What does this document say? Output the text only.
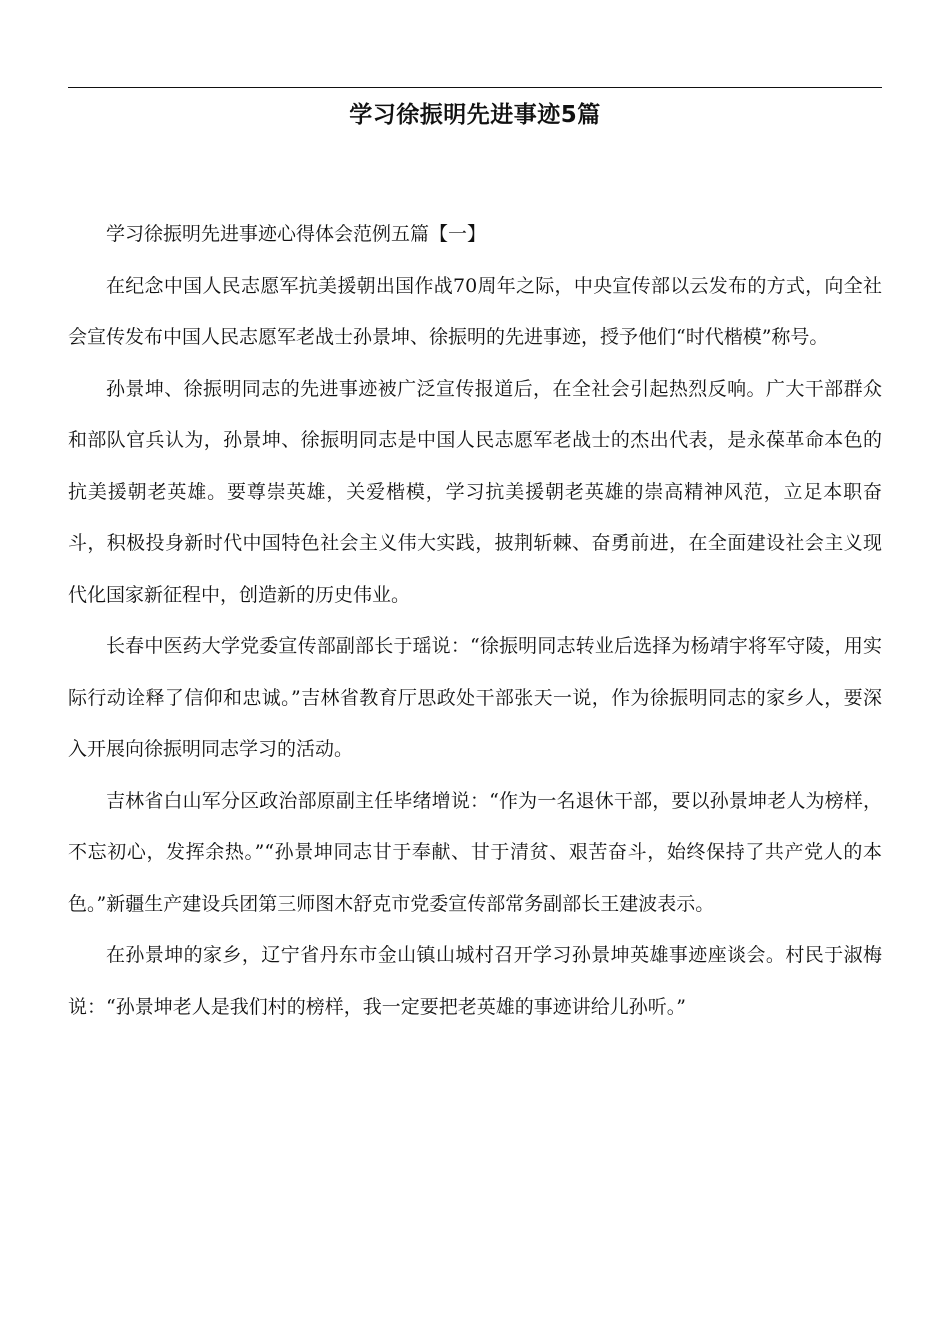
学习徐振明先进事迹5篇

学习徐振明先进事迹心得体会范例五篇【一】

在纪念中国人民志愿军抗美援朝出国作战70周年之际，中央宣传部以云发布的方式，向全社会宣传发布中国人民志愿军老战士孙景坤、徐振明的先进事迹，授予他们“时代楷模”称号。

孙景坤、徐振明同志的先进事迹被广泛宣传报道后，在全社会引起热烈反响。广大干部群众和部队官兵认为，孙景坤、徐振明同志是中国人民志愿军老战士的杰出代表，是永葆革命本色的抗美援朝老英雄。要尊崇英雄，关爱楷模，学习抗美援朝老英雄的崇高精神风范，立足本职奋斗，积极投身新时代中国特色社会主义伟大实践，披荆斩棘、奋勇前进，在全面建设社会主义现代化国家新征程中，创造新的历史伟业。

长春中医药大学党委宣传部副部长于瑶说：“徐振明同志转业后选择为杨靖宇将军守陵，用实际行动诠释了信仰和忠诚。”吉林省教育厅思政处干部张天一说，作为徐振明同志的家乡人，要深入开展向徐振明同志学习的活动。

吉林省白山军分区政治部原副主任毕绪增说：“作为一名退休干部，要以孙景坤老人为榜样，不忘初心，发挥余热。”“孙景坤同志甘于奉献、甘于清贫、艰苦奋斗，始终保持了共产党人的本色。”新疆生产建设兵团第三师图木舒克市党委宣传部常务副部长王建波表示。

在孙景坤的家乡，辽宁省丹东市金山镇山城村召开学习孙景坤英雄事迹座谈会。村民于淑梅说：“孙景坤老人是我们村的榜样，我一定要把老英雄的事迹讲给儿孙听。”
